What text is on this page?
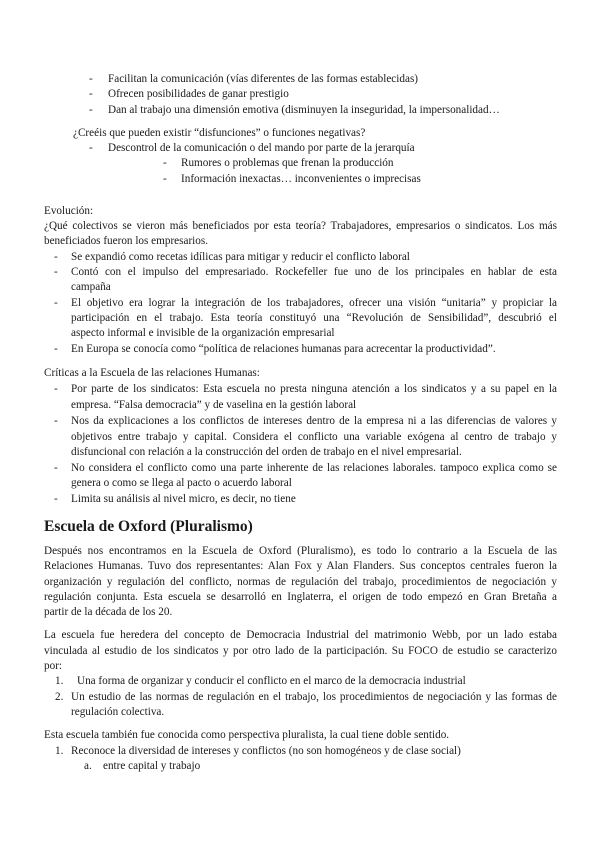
- Facilitan la comunicación (vías diferentes de las formas establecidas)
- Ofrecen posibilidades de ganar prestigio
- Dan al trabajo una dimensión emotiva (disminuyen la inseguridad, la impersonalidad…
¿Creéis que pueden existir “disfunciones” o funciones negativas?
- Descontrol de la comunicación o del mando por parte de la jerarquía
- Rumores o problemas que frenan la producción
- Información inexactas… inconvenientes o imprecisas
Evolución:
¿Qué colectivos se vieron más beneficiados por esta teoría? Trabajadores, empresarios o sindicatos. Los más
beneficiados fueron los empresarios.
- Se expandió como recetas idílicas para mitigar y reducir el conflicto laboral
- Contó con el impulso del empresariado. Rockefeller fue uno de los principales en hablar de esta
campaña
- El objetivo era lograr la integración de los trabajadores, ofrecer una visión “unitaria” y propiciar la
participación en el trabajo. Esta teoría constituyó una “Revolución de Sensibilidad”, descubrió el
aspecto informal e invisible de la organización empresarial
- En Europa se conocía como “política de relaciones humanas para acrecentar la productividad”.
Críticas a la Escuela de las relaciones Humanas:
- Por parte de los sindicatos: Esta escuela no presta ninguna atención a los sindicatos y a su papel en la
empresa. “Falsa democracia” y de vaselina en la gestión laboral
- Nos da explicaciones a los conflictos de intereses dentro de la empresa ni a las diferencias de valores y
objetivos entre trabajo y capital. Considera el conflicto una variable exógena al centro de trabajo y
disfuncional con relación a la construcción del orden de trabajo en el nivel empresarial.
- No considera el conflicto como una parte inherente de las relaciones laborales. tampoco explica como se
genera o como se llega al pacto o acuerdo laboral
- Limita su análisis al nivel micro, es decir, no tiene
Escuela de Oxford (Pluralismo)
Después nos encontramos en la Escuela de Oxford (Pluralismo), es todo lo contrario a la Escuela de las
Relaciones Humanas. Tuvo dos representantes: Alan Fox y Alan Flanders. Sus conceptos centrales fueron la
organización y regulación del conflicto, normas de regulación del trabajo, procedimientos de negociación y
regulación conjunta. Esta escuela se desarrolló en Inglaterra, el origen de todo empezó en Gran Bretaña a
partir de la década de los 20.
La escuela fue heredera del concepto de Democracia Industrial del matrimonio Webb, por un lado estaba
vinculada al estudio de los sindicatos y por otro lado de la participación. Su FOCO de estudio se caracterizo
por:
1. Una forma de organizar y conducir el conflicto en el marco de la democracia industrial
2. Un estudio de las normas de regulación en el trabajo, los procedimientos de negociación y las formas de
regulación colectiva.
Esta escuela también fue conocida como perspectiva pluralista, la cual tiene doble sentido.
1. Reconoce la diversidad de intereses y conflictos (no son homogéneos y de clase social)
a. entre capital y trabajo
